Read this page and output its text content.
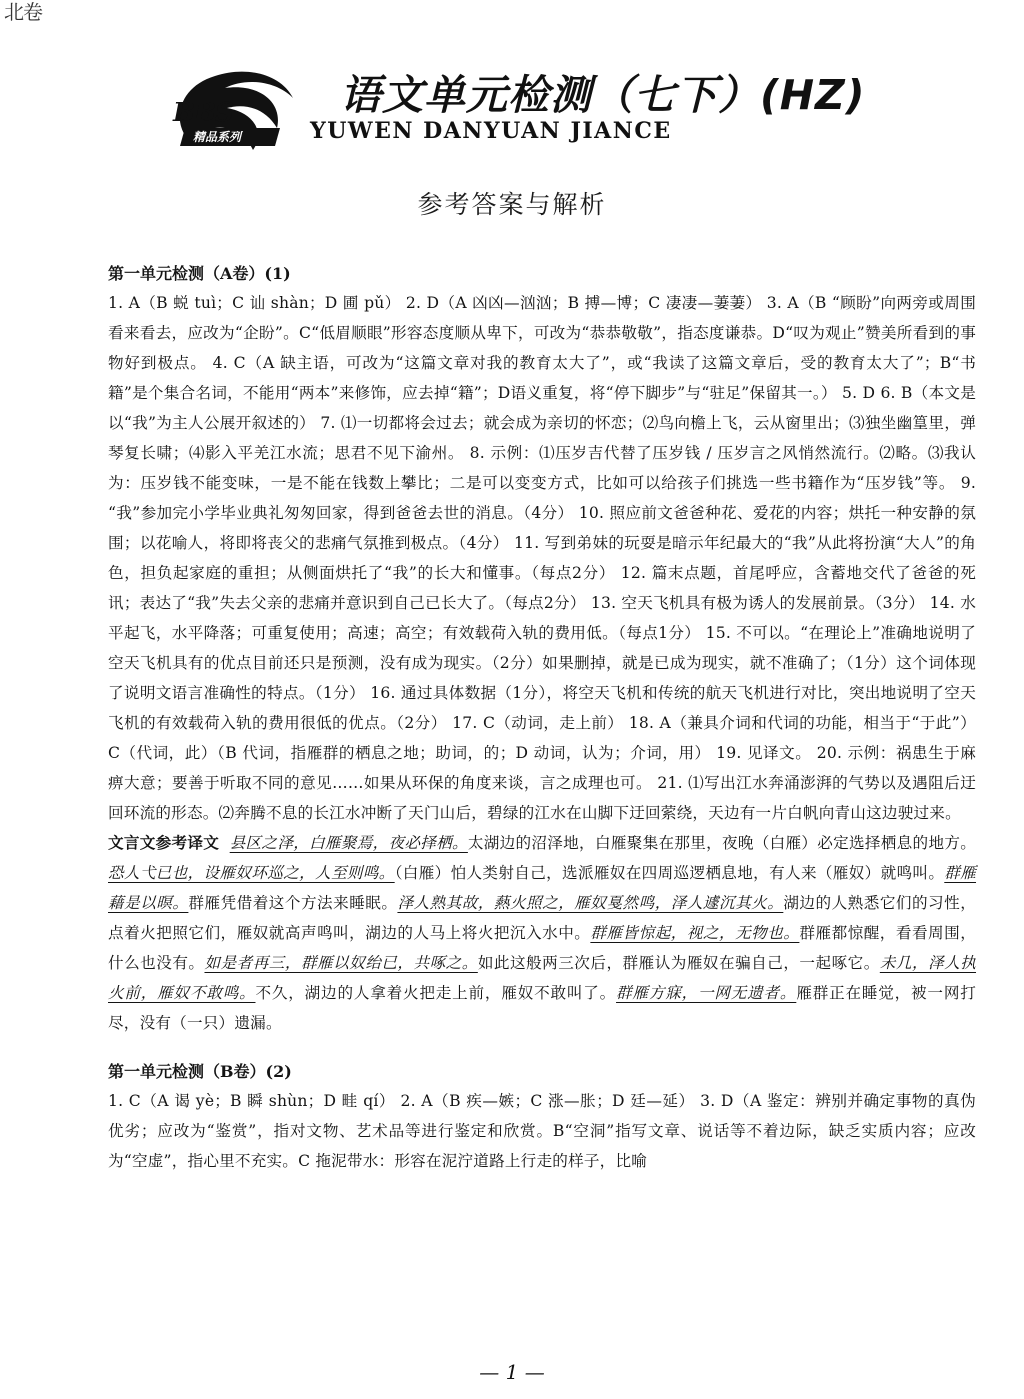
北卷
BBS
精品系列
语文单元检测（七下）(HZ)
YUWEN DANYUAN JIANCE
参考答案与解析
第一单元检测（A卷）(1)

1. A（B 蜕 tuì；C 讪 shàn；D 圃 pǔ） 2. D（A 凶凶—汹汹；B 搏—博；C 凄凄—萋萋） 3. A（B “顾盼”向两旁或周围看来看去，应改为“企盼”。C“低眉顺眼”形容态度顺从卑下，可改为“恭恭敬敬”，指态度谦恭。D“叹为观止”赞美所看到的事物好到极点。 4. C（A 缺主语，可改为“这篇文章对我的教育太大了”，或“我读了这篇文章后，受的教育太大了”；B“书籍”是个集合名词，不能用“两本”来修饰，应去掉“籍”；D语义重复，将“停下脚步”与“驻足”保留其一。） 5. D 6. B（本文是以“我”为主人公展开叙述的） 7. ⑴一切都将会过去；就会成为亲切的怀恋；⑵鸟向檐上飞，云从窗里出；⑶独坐幽篁里，弹琴复长啸；⑷影入平羌江水流；思君不见下渝州。 8. 示例：⑴压岁吉代替了压岁钱 / 压岁言之风悄然流行。⑵略。⑶我认为：压岁钱不能变味，一是不能在钱数上攀比；二是可以变变方式，比如可以给孩子们挑选一些书籍作为“压岁钱”等。 9. “我”参加完小学毕业典礼匆匆回家，得到爸爸去世的消息。（4分） 10. 照应前文爸爸种花、爱花的内容；烘托一种安静的氛围；以花喻人，将即将丧父的悲痛气氛推到极点。（4分） 11. 写到弟妹的玩耍是暗示年纪最大的“我”从此将扮演“大人”的角色，担负起家庭的重担；从侧面烘托了“我”的长大和懂事。（每点2分） 12. 篇末点题，首尾呼应，含蓄地交代了爸爸的死讯；表达了“我”失去父亲的悲痛并意识到自己已长大了。（每点2分） 13. 空天飞机具有极为诱人的发展前景。（3分） 14. 水平起飞，水平降落；可重复使用；高速；高空；有效载荷入轨的费用低。（每点1分） 15. 不可以。“在理论上”准确地说明了空天飞机具有的优点目前还只是预测，没有成为现实。（2分）如果删掉，就是已成为现实，就不准确了；（1分）这个词体现了说明文语言准确性的特点。（1分） 16. 通过具体数据（1分），将空天飞机和传统的航天飞机进行对比，突出地说明了空天飞机的有效载荷入轨的费用很低的优点。（2分） 17. C（动词，走上前） 18. A（兼具介词和代词的功能，相当于“于此”）C（代词，此）（B 代词，指雁群的栖息之地；助词，的；D 动词，认为；介词，用） 19. 见译文。 20. 示例：祸患生于麻痹大意；要善于听取不同的意见……如果从环保的角度来谈，言之成理也可。 21. ⑴写出江水奔涌澎湃的气势以及遇阻后迂回环流的形态。⑵奔腾不息的长江水冲断了天门山后，碧绿的江水在山脚下迂回萦绕，天边有一片白帆向青山这边驶过来。

文言文参考译文 县区之泽，白雁聚焉，夜必择栖。太湖边的沼泽地，白雁聚集在那里，夜晚（白雁）必定选择栖息的地方。恐人弋已也，设雁奴环巡之，人至则鸣。（白雁）怕人类射自己，选派雁奴在四周巡逻栖息地，有人来（雁奴）就鸣叫。群雁藉是以暝。群雁凭借着这个方法来睡眠。泽人熟其故，爇火照之，雁奴戛然鸣，泽人遽沉其火。湖边的人熟悉它们的习性，点着火把照它们，雁奴就高声鸣叫，湖边的人马上将火把沉入水中。群雁皆惊起，视之，无物也。群雁都惊醒，看看周围，什么也没有。如是者再三，群雁以奴绐已，共啄之。如此这般两三次后，群雁认为雁奴在骗自己，一起啄它。未几，泽人执火前，雁奴不敢鸣。不久，湖边的人拿着火把走上前，雁奴不敢叫了。群雁方寐，一网无遗者。雁群正在睡觉，被一网打尽，没有（一只）遗漏。

第一单元检测（B卷）(2)

1. C（A 谒 yè；B 瞬 shùn；D 畦 qí） 2. A（B 疾—嫉；C 涨—胀；D 廷—延） 3. D（A 鉴定：辨别并确定事物的真伪优劣；应改为“鉴赏”，指对文物、艺术品等进行鉴定和欣赏。B“空洞”指写文章、说话等不着边际，缺乏实质内容；应改为“空虚”，指心里不充实。C 拖泥带水：形容在泥泞道路上行走的样子，比喻

— 1 —
